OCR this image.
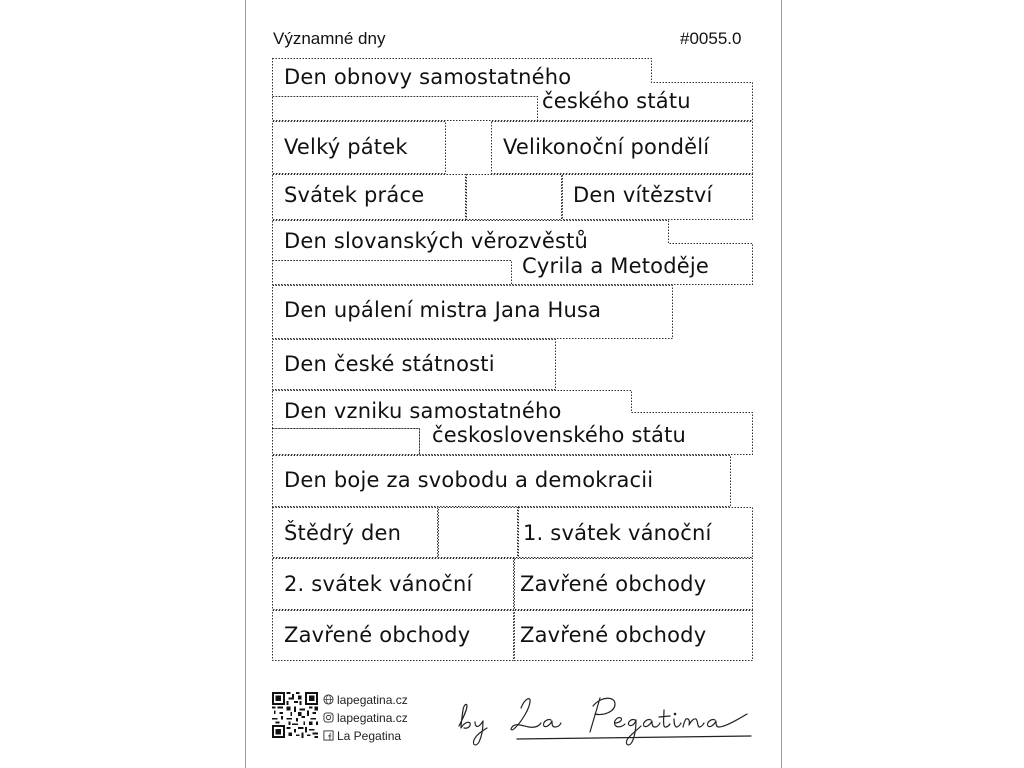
Významné dny	#0055.0
Den obnovy samostatného
českého státu
Velký pátek	Velikonoční pondělí
Svátek práce	Den vítězství
Den slovanských věrozvěstů
Cyrila a Metoděje
Den upálení mistra Jana Husa
Den české státnosti
Den vzniku samostatného
československého státu
Den boje za svobodu a demokracii
Štědrý den	1. svátek vánoční
2. svátek vánoční Zavřené obchody
Zavřené obchody Zavřené obchody
lapegatina.cz
lapegatina.cz
La Pegatina
